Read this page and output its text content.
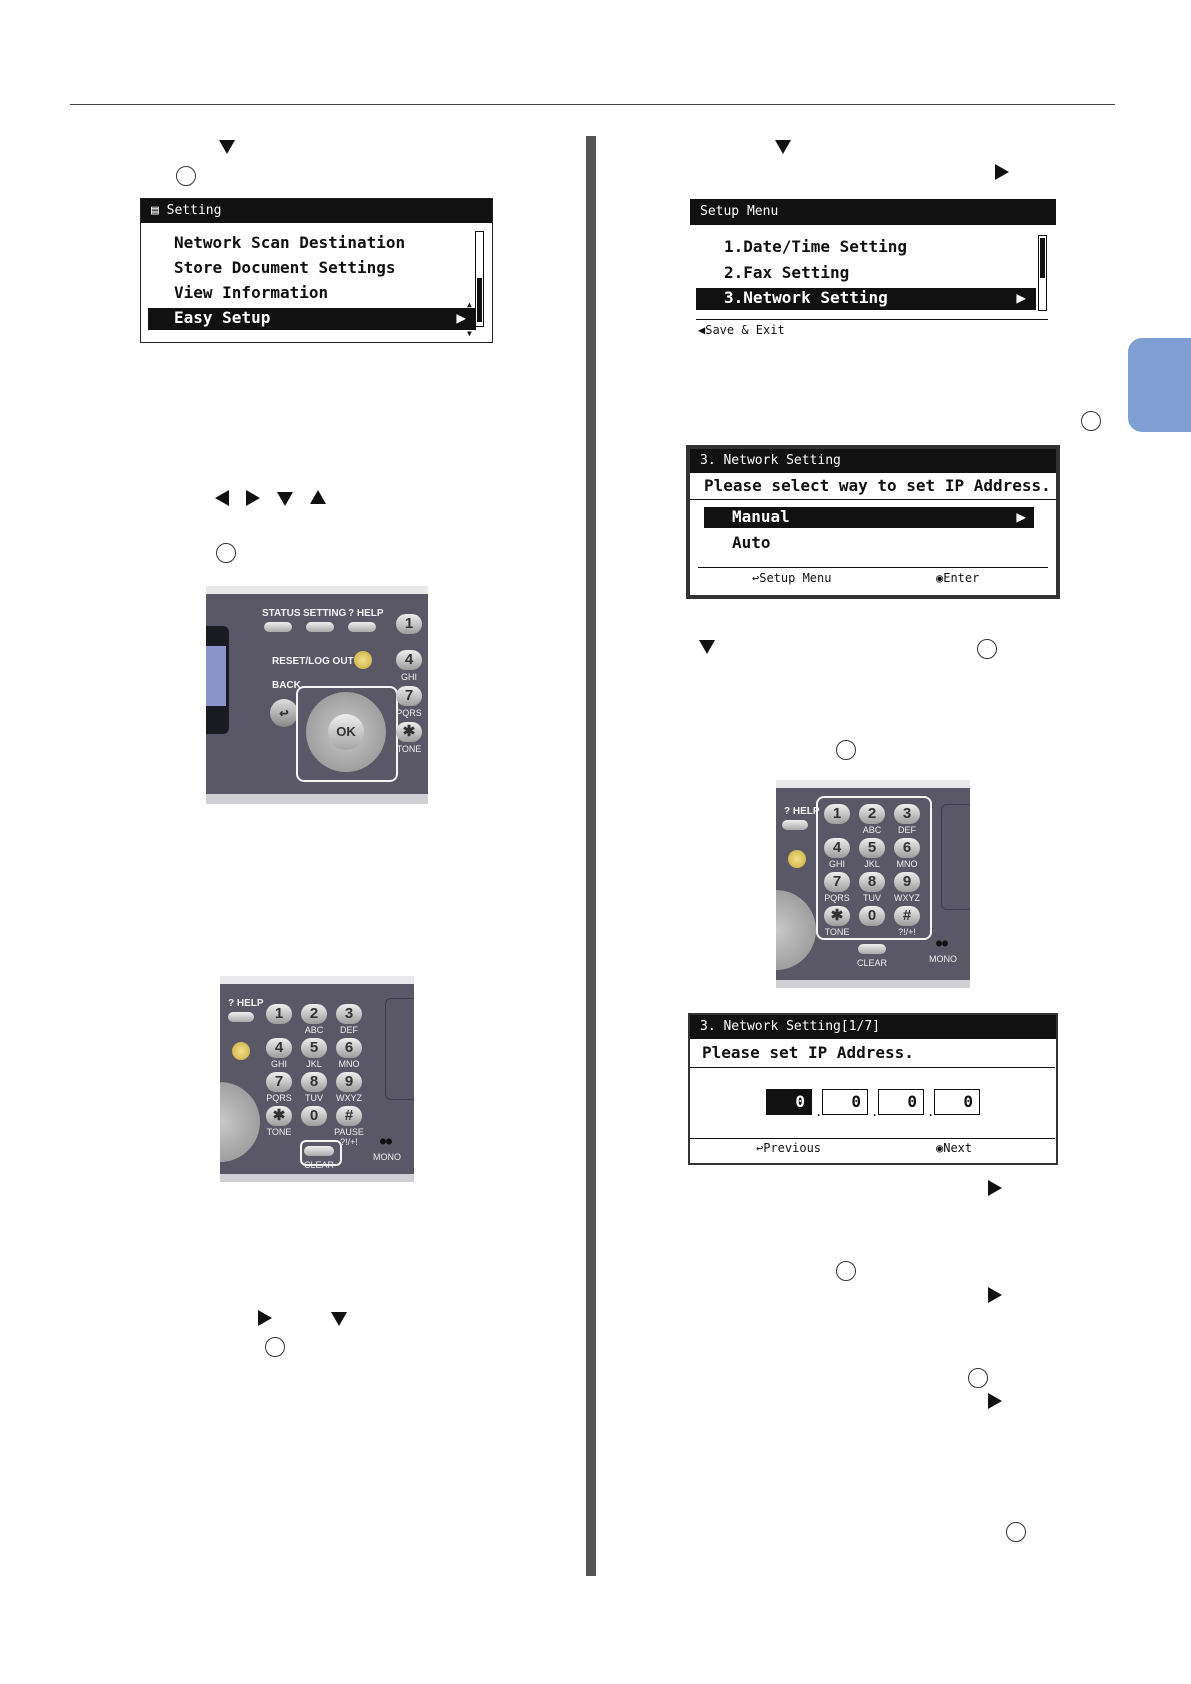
▤ Setting
Network Scan Destination
Store Document Settings
View Information
Easy Setup	▶
▲
▼
STATUS SETTING ? HELP
RESET/LOG OUT
BACK
↩
OK
1
4
GHI
7
PQRS
✱
TONE
? HELP
1	2
ABC
3
DEF
4
GHI
5
JKL
6
MNO
7
PQRS
8
TUV
9
WXYZ
✱
TONE
0	#
PAUSE ?!/+!
CLEAR
●●
MONO
Setup Menu
1.Date/Time Setting
2.Fax Setting
3.Network Setting	▶
◀Save & Exit
3. Network Setting
Please select way to set IP Address.
Manual	▶
Auto
↩Setup Menu	◉Enter
? HELP 1	2
ABC
3
DEF
4
GHI
5
JKL
6
MNO
7
PQRS
8
TUV
9
WXYZ
✱
TONE
0	#
?!/+!
CLEAR
●●
MONO
3. Network Setting[1/7]
Please set IP Address.
0
.
0
.
0
.
0
↩Previous	◉Next
